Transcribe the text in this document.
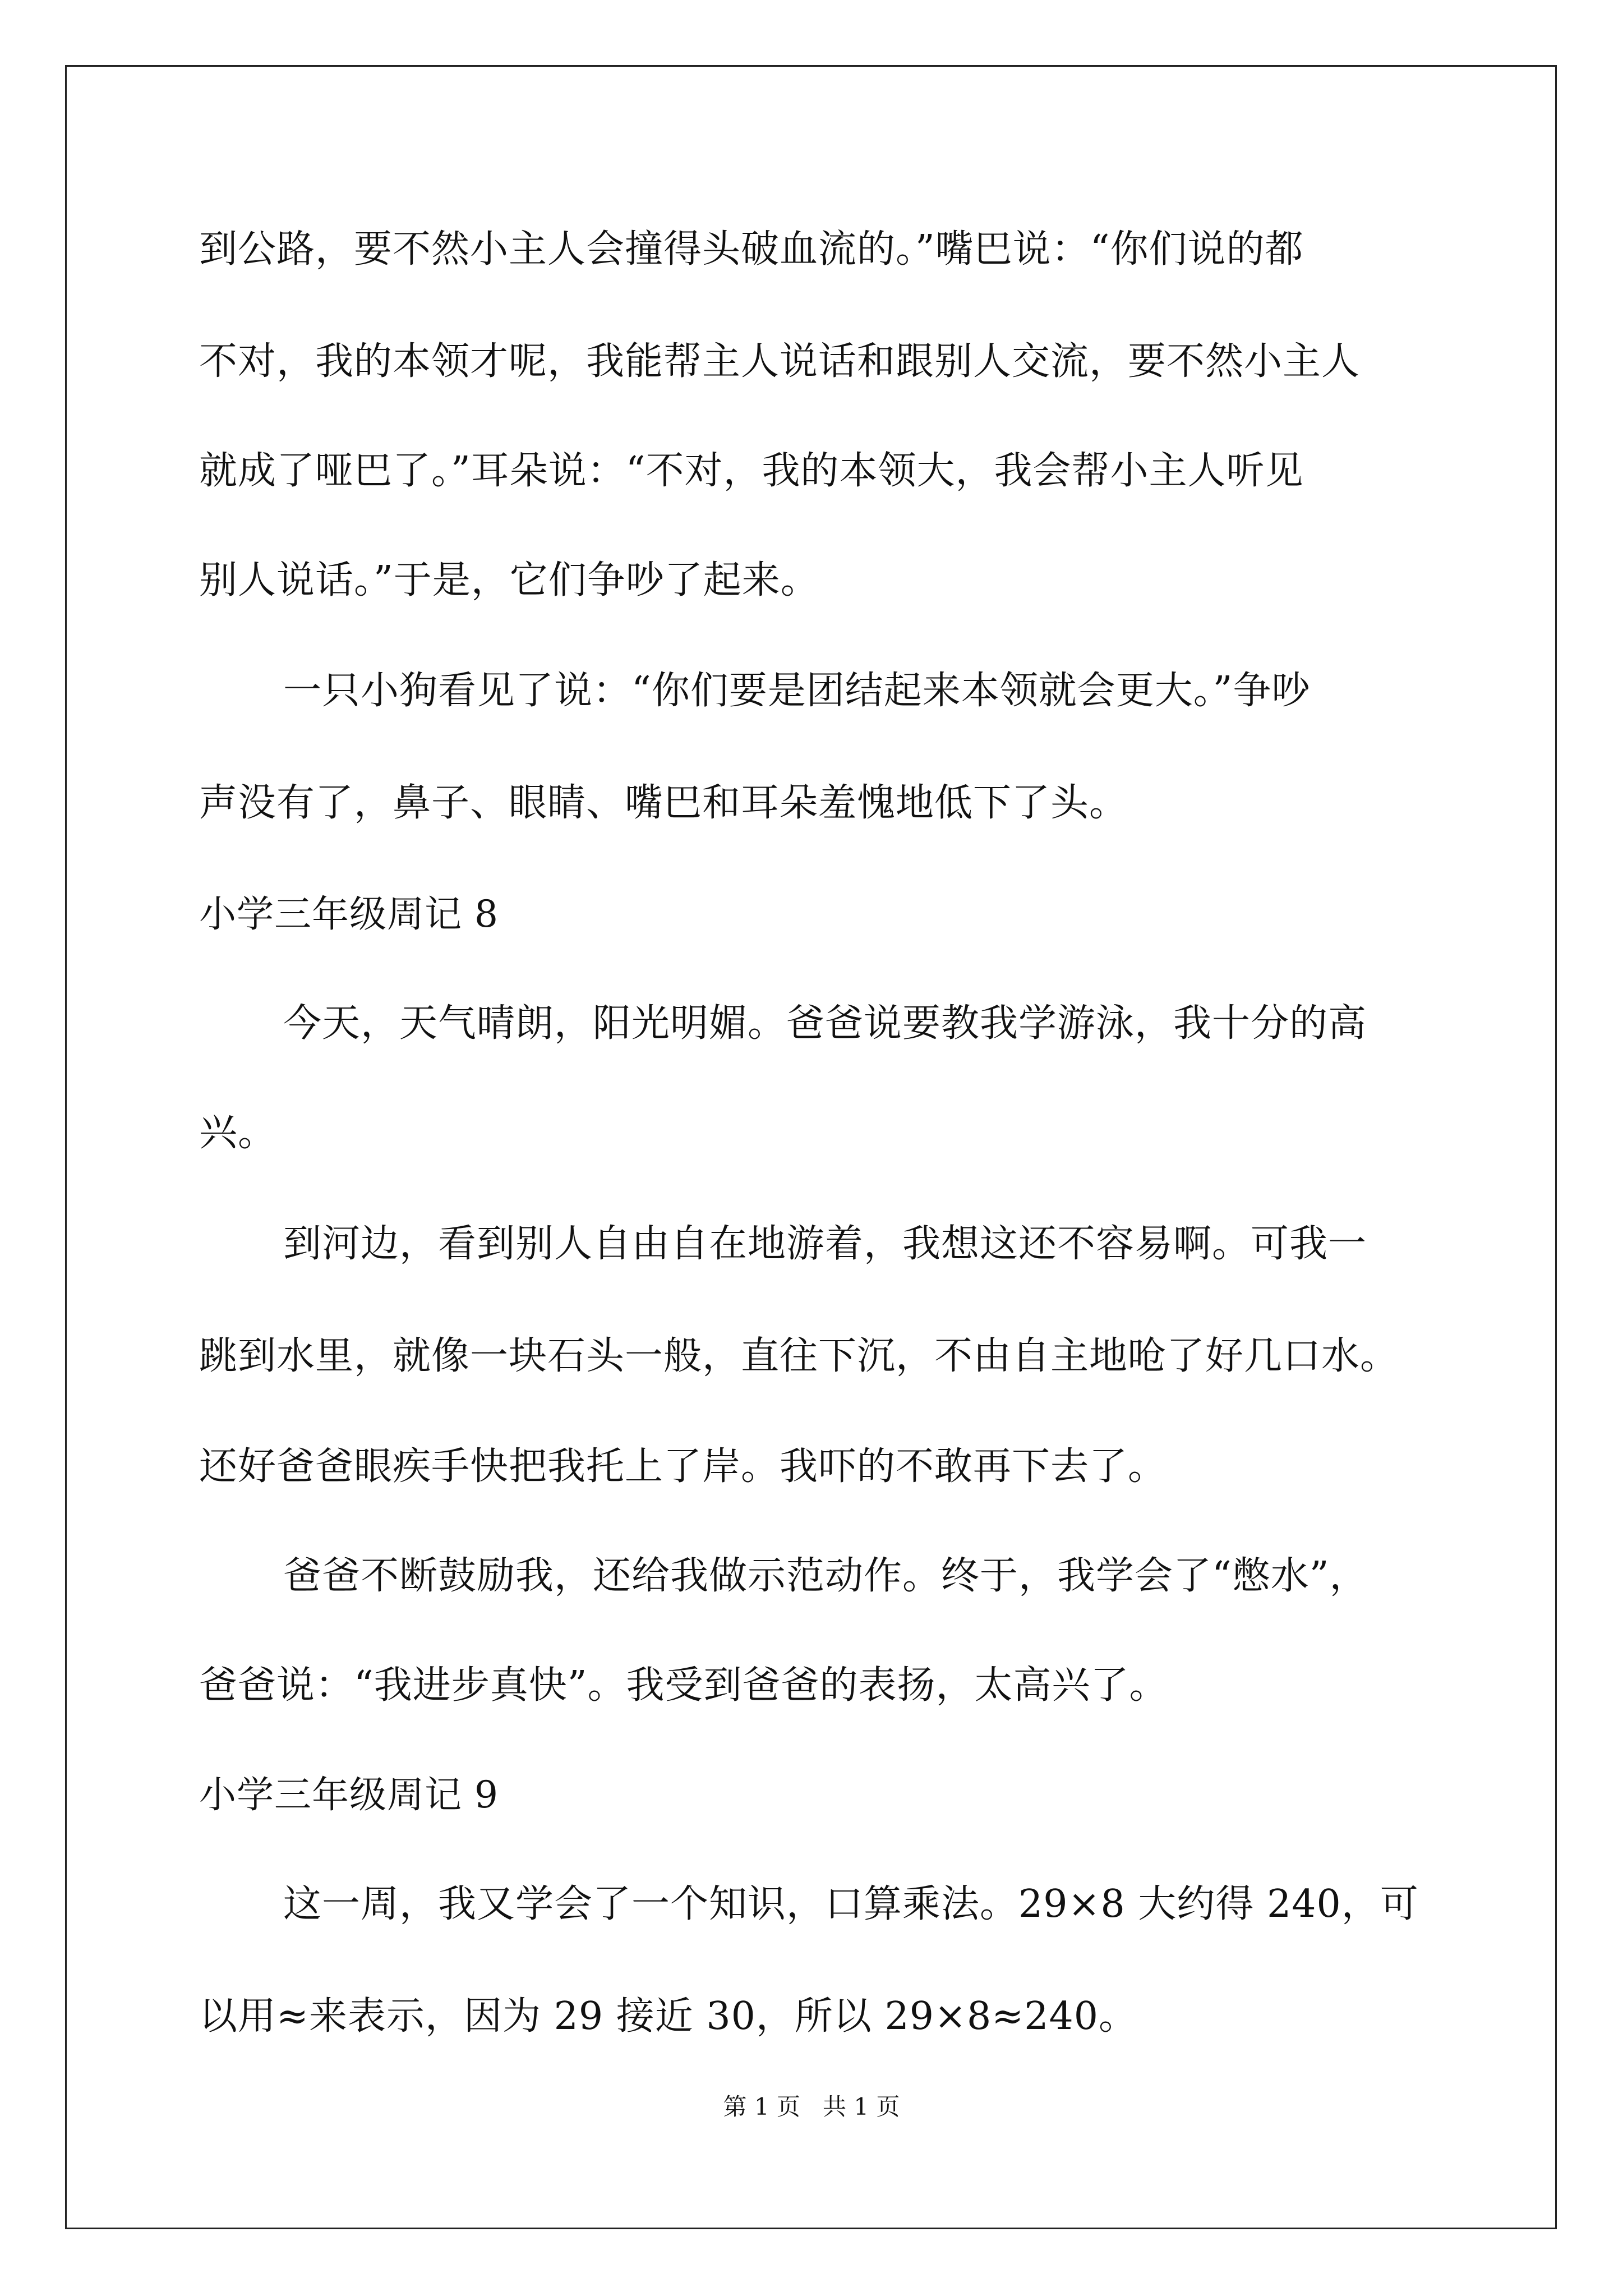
到公路，要不然小主人会撞得头破血流的。”嘴巴说：“你们说的都
不对，我的本领才呢，我能帮主人说话和跟别人交流，要不然小主人
就成了哑巴了。”耳朵说：“不对，我的本领大，我会帮小主人听见
别人说话。”于是，它们争吵了起来。
一只小狗看见了说：“你们要是团结起来本领就会更大。”争吵
声没有了，鼻子、眼睛、嘴巴和耳朵羞愧地低下了头。
小学三年级周记 8
今天，天气晴朗，阳光明媚。爸爸说要教我学游泳，我十分的高
兴。
到河边，看到别人自由自在地游着，我想这还不容易啊。可我一
跳到水里，就像一块石头一般，直往下沉，不由自主地呛了好几口水。
还好爸爸眼疾手快把我托上了岸。我吓的不敢再下去了。
爸爸不断鼓励我，还给我做示范动作。终于，我学会了“憋水”，
爸爸说：“我进步真快”。我受到爸爸的表扬，太高兴了。
小学三年级周记 9
这一周，我又学会了一个知识，口算乘法。29×8 大约得 240，可
以用≈来表示，因为 29 接近 30，所以 29×8≈240。
第 1 页   共 1 页
